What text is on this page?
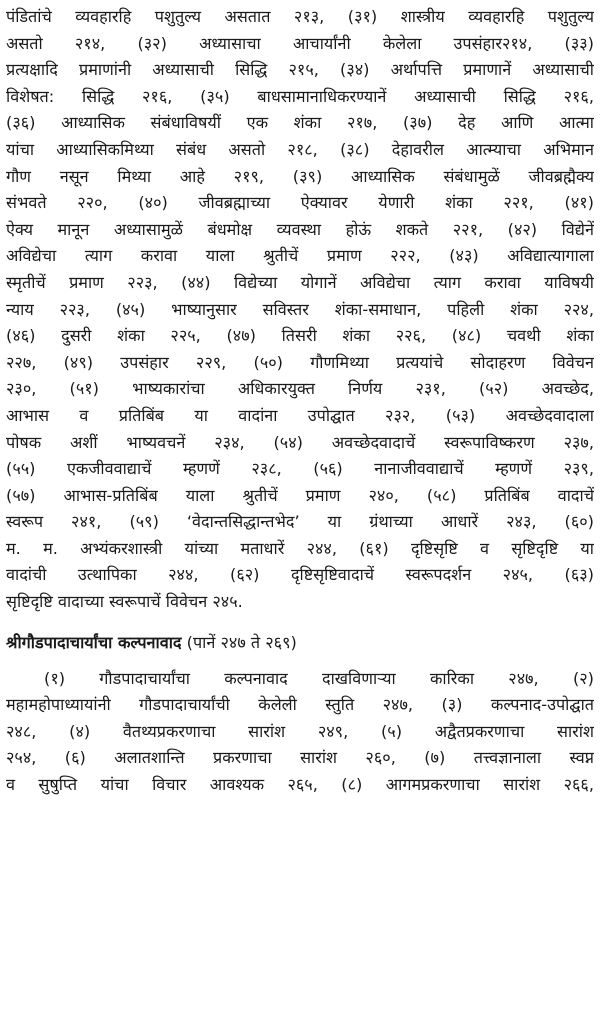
पंडितांचे व्यवहारहि पशुतुल्य असतात २१३, (३१) शास्त्रीय व्यवहारहि पशुतुल्य
असतो २१४, (३२) अध्यासाचा आचार्यांनी केलेला उपसंहार२१४, (३३)
प्रत्यक्षादि प्रमाणांनी अध्यासाची सिद्धि २१५, (३४) अर्थापत्ति प्रमाणानें अध्यासाची
विशेषत: सिद्धि २१६, (३५) बाधसामानाधिकरण्यानें अध्यासाची सिद्धि २१६,
(३६) आध्यासिक संबंधाविषयीं एक शंका २१७, (३७) देह आणि आत्मा
यांचा आध्यासिकमिथ्या संबंध असतो २१८, (३८) देहावरील आत्म्याचा अभिमान
गौण नसून मिथ्या आहे २१९, (३९) आध्यासिक संबंधामुळें जीवब्रह्मैक्य
संभवते २२०, (४०) जीवब्रह्माच्या ऐक्यावर येणारी शंका २२१, (४१)
ऐक्य मानून अध्यासामुळें बंधमोक्ष व्यवस्था होऊं शकते २२१, (४२) विद्येनें
अविद्येचा त्याग करावा याला श्रुतीचें प्रमाण २२२, (४३) अविद्यात्यागाला
स्मृतीचें प्रमाण २२३, (४४) विद्येच्या योगानें अविद्येचा त्याग करावा याविषयी
न्याय २२३, (४५) भाष्यानुसार सविस्तर शंका-समाधान, पहिली शंका २२४,
(४६) दुसरी शंका २२५, (४७) तिसरी शंका २२६, (४८) चवथी शंका
२२७, (४९) उपसंहार २२९, (५०) गौणमिथ्या प्रत्ययांचे सोदाहरण विवेचन
२३०, (५१) भाष्यकारांचा अधिकारयुक्त निर्णय २३१, (५२) अवच्छेद,
आभास व प्रतिबिंब या वादांना उपोद्घात २३२, (५३) अवच्छेदवादाला
पोषक अशीं भाष्यवचनें २३४, (५४) अवच्छेदवादाचें स्वरूपाविष्करण २३७,
(५५) एकजीववाद्याचें म्हणणें २३८, (५६) नानाजीववाद्याचें म्हणणें २३९,
(५७) आभास-प्रतिबिंब याला श्रुतीचें प्रमाण २४०, (५८) प्रतिबिंब वादाचें
स्वरूप २४१, (५९) ‘वेदान्तसिद्धान्तभेद’ या ग्रंथाच्या आधारें २४३, (६०)
म. म. अभ्यंकरशास्त्री यांच्या मताधारें २४४, (६१) दृष्टिसृष्टि व सृष्टिदृष्टि या
वादांची उत्थापिका २४४, (६२) दृष्टिसृष्टिवादाचें स्वरूपदर्शन २४५, (६३)
सृष्टिदृष्टि वादाच्या स्वरूपाचें विवेचन २४५.
श्रीगौडपादाचार्यांचा कल्पनावाद (पानें २४७ ते २६९)
(१) गौडपादाचार्यांचा कल्पनावाद दाखविणाऱ्या कारिका २४७, (२)
महामहोपाध्यायांनी गौडपादाचार्यांची केलेली स्तुति २४७, (३) कल्पनाद-उपोद्घात
२४८, (४) वैतथ्यप्रकरणाचा सारांश २४९, (५) अद्वैतप्रकरणाचा सारांश
२५४, (६) अलातशान्ति प्रकरणाचा सारांश २६०, (७) तत्त्वज्ञानाला स्वप्न
व सुषुप्ति यांचा विचार आवश्यक २६५, (८) आगमप्रकरणाचा सारांश २६६,
